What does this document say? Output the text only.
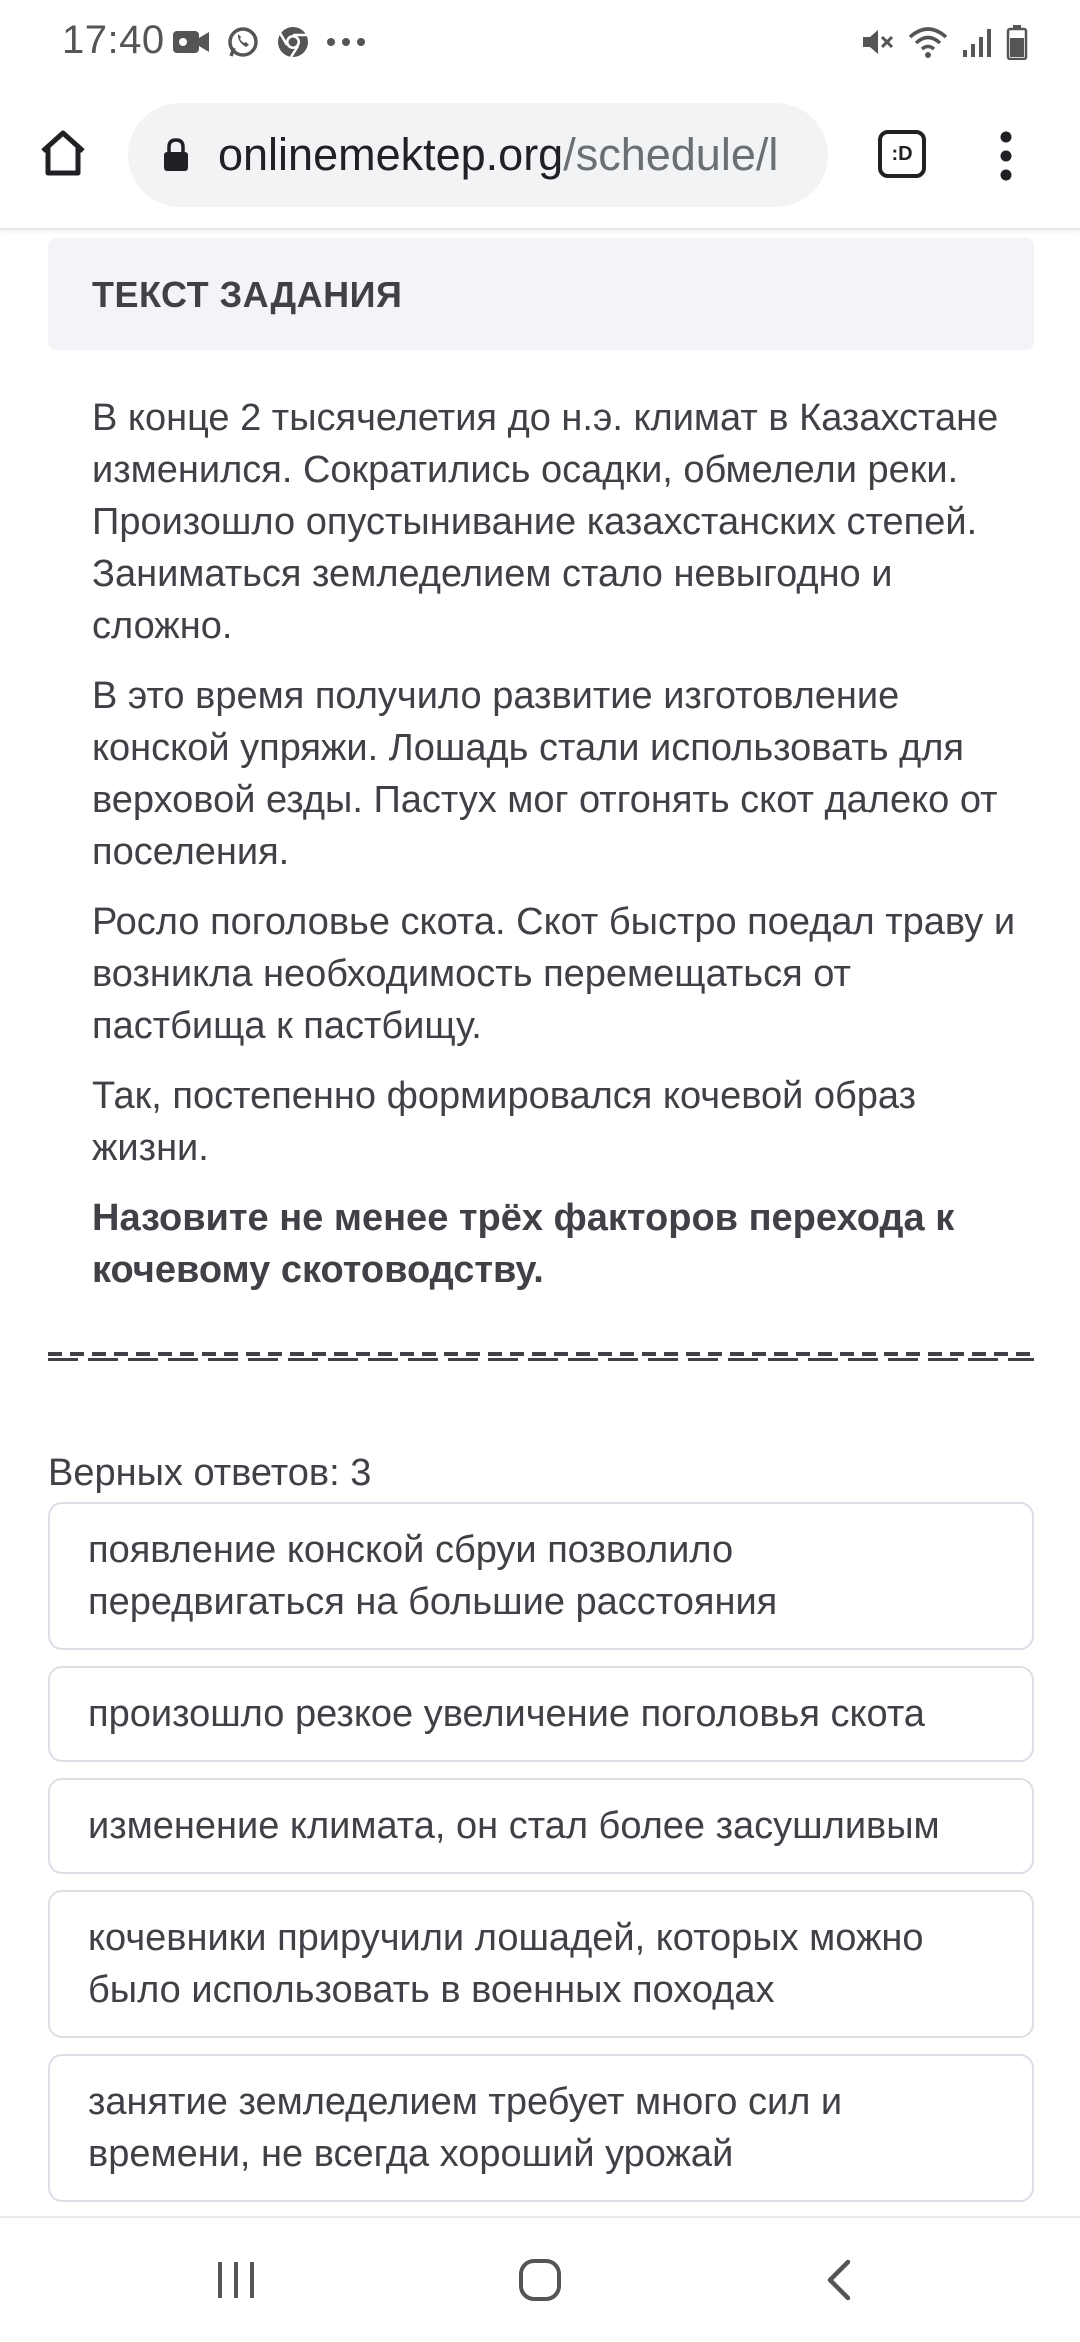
17:40
onlinemektep.org/schedule/l	:D
ТЕКСТ ЗАДАНИЯ

В конце 2 тысячелетия до н.э. климат в Казахстане изменился. Сократились осадки, обмелели реки. Произошло опустынивание казахстанских степей. Заниматься земледелием стало невыгодно и сложно.

В это время получило развитие изготовление конской упряжи. Лошадь стали использовать для верховой езды. Пастух мог отгонять скот далеко от поселения.

Росло поголовье скота. Скот быстро поедал траву и возникла необходимость перемещаться от пастбища к пастбищу.

Так, постепенно формировался кочевой образ жизни.

Назовите не менее трёх факторов перехода к кочевому скотоводству.

Верных ответов: 3
появление конской сбруи позволило передвигаться на большие расстояния
произошло резкое увеличение поголовья скота
изменение климата, он стал более засушливым
кочевники приручили лошадей, которых можно было использовать в военных походах
занятие земледелием требует много сил и времени, не всегда хороший урожай
